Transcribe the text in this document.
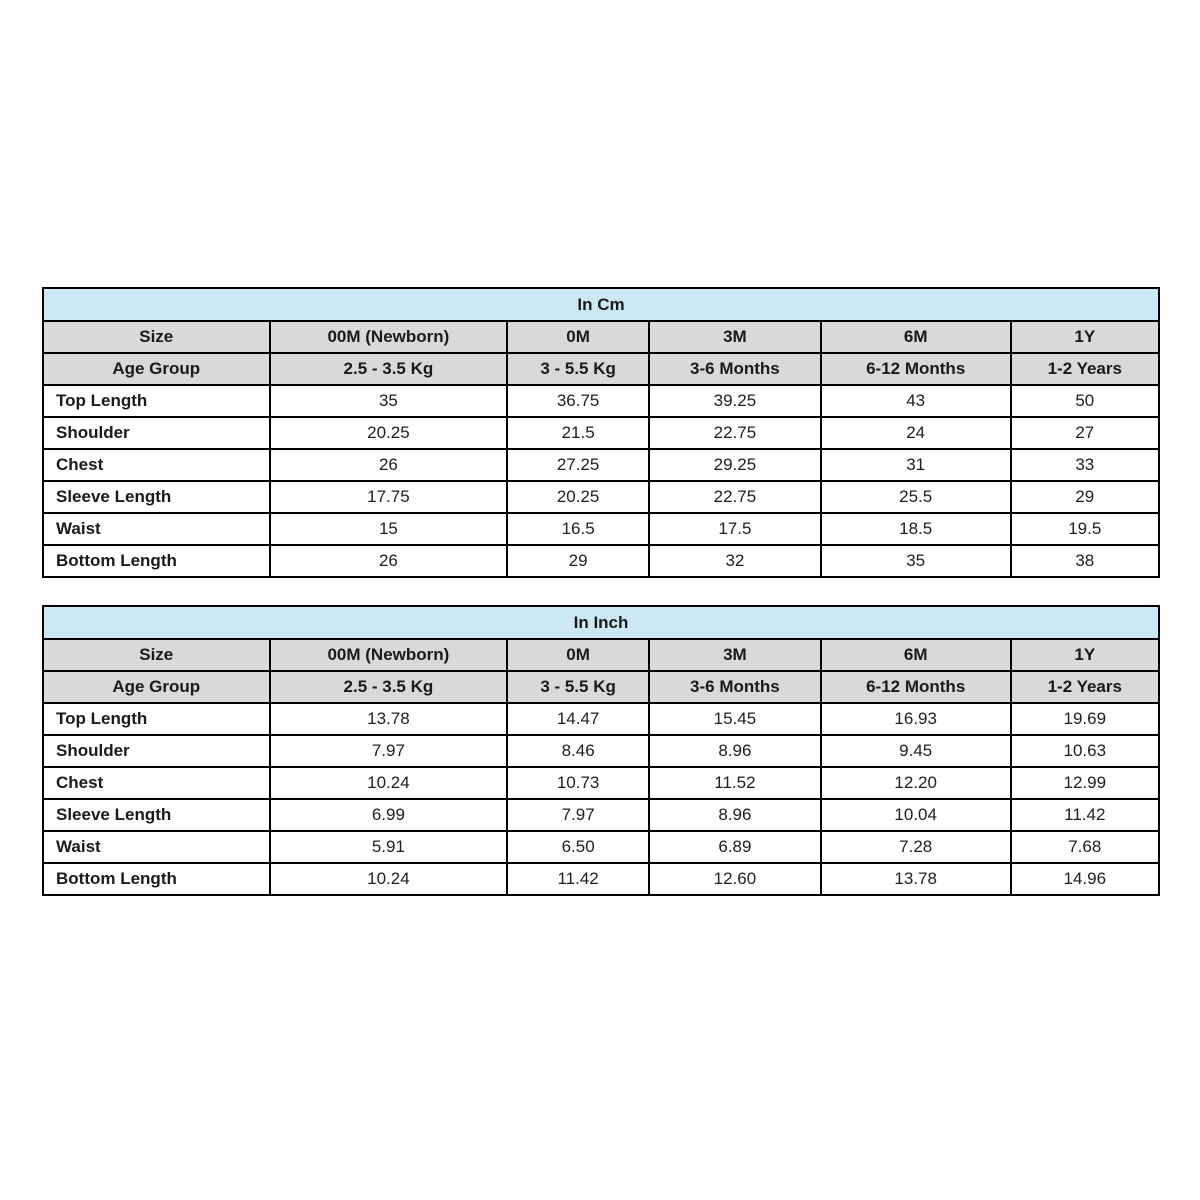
In Cm					
Size	00M (Newborn)	0M	3M	6M	1Y
Age Group	2.5 - 3.5 Kg	3 - 5.5 Kg	3-6 Months	6-12 Months	1-2 Years
Top Length	35	36.75	39.25	43	50
Shoulder	20.25	21.5	22.75	24	27
Chest	26	27.25	29.25	31	33
Sleeve Length	17.75	20.25	22.75	25.5	29
Waist	15	16.5	17.5	18.5	19.5
Bottom Length	26	29	32	35	38
In Inch					
Size	00M (Newborn)	0M	3M	6M	1Y
Age Group	2.5 - 3.5 Kg	3 - 5.5 Kg	3-6 Months	6-12 Months	1-2 Years
Top Length	13.78	14.47	15.45	16.93	19.69
Shoulder	7.97	8.46	8.96	9.45	10.63
Chest	10.24	10.73	11.52	12.20	12.99
Sleeve Length	6.99	7.97	8.96	10.04	11.42
Waist	5.91	6.50	6.89	7.28	7.68
Bottom Length	10.24	11.42	12.60	13.78	14.96
